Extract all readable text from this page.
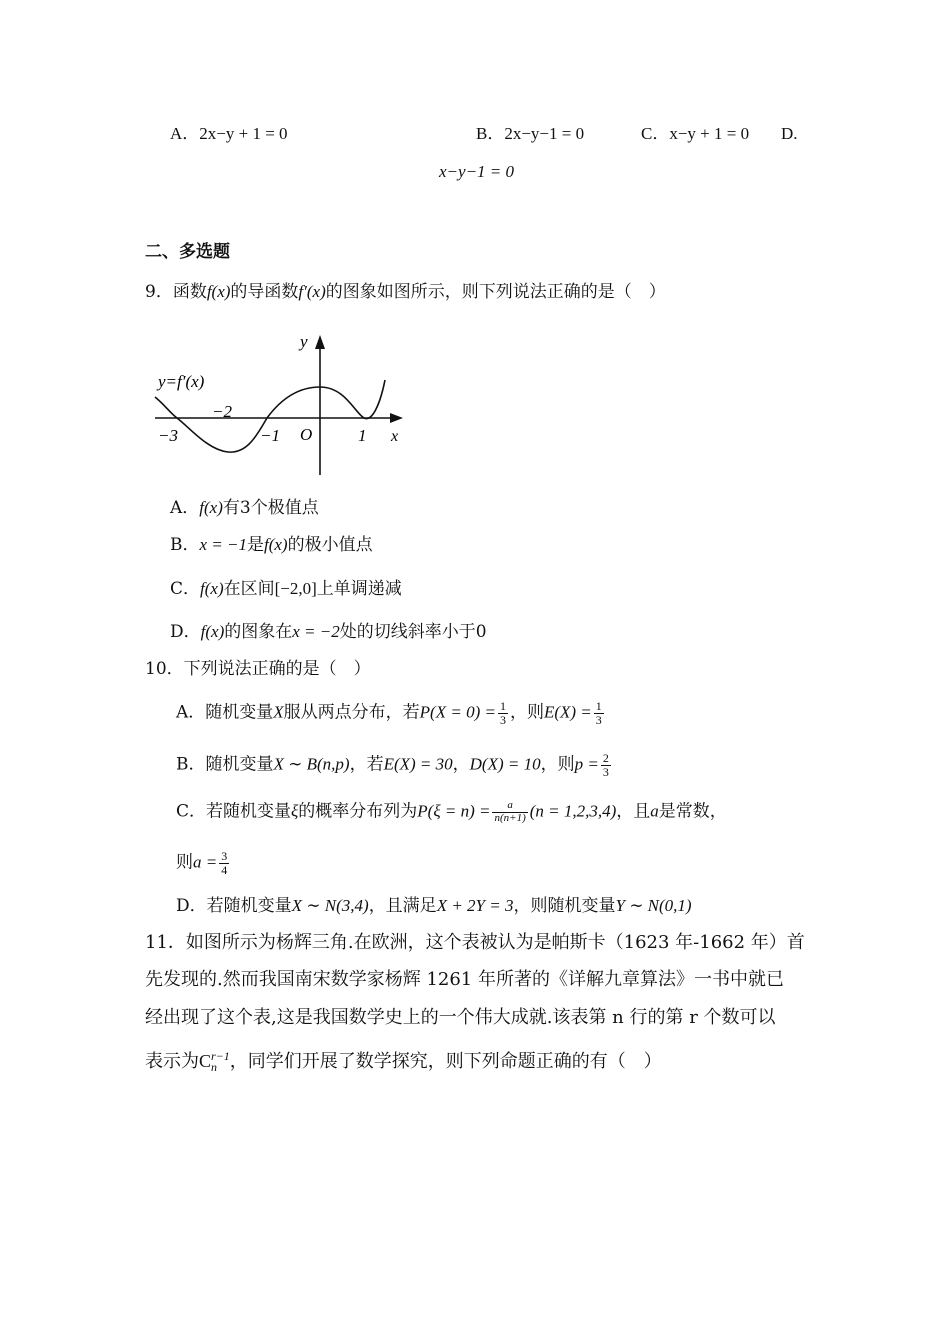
A．2x−y + 1 = 0	B．2x−y−1 = 0	C．x−y + 1 = 0 D.
x−y−1 = 0
二、多选题
9．函数f(x)的导函数f′(x)的图象如图所示，则下列说法正确的是（　）
y=f′(x)
y
x
O
−3
−2
−1	1
A．f(x)有3个极值点
B．x = −1是f(x)的极小值点
C．f(x)在区间[−2,0]上单调递减
D．f(x)的图象在x = −2处的切线斜率小于0
10．下列说法正确的是（　）
A．随机变量X服从两点分布，若$P(X = 0) = \frac{1}{3}$ ，则$E(X) = \frac{1}{3}$
B．随机变量X ∼ B(n,p)，若E(X) = 30，D(X) = 10，则$p = \frac{2}{3}$
C．若随机变量ξ的概率分布列为$P(\xi = n) = \frac{a}{n(n+1)} (n = 1,2,3,4)$，且a是常数，
则$a = \frac{3}{4}$
D．若随机变量X ∼ N(3,4)，且满足X + 2Y = 3，则随机变量Y ∼ N(0,1)
11．如图所示为杨辉三角.在欧洲，这个表被认为是帕斯卡（1623 年-1662 年）首
先发现的.然而我国南宋数学家杨辉 1261 年所著的《详解九章算法》一书中就已
经出现了这个表,这是我国数学史上的一个伟大成就.该表第 n 行的第 r 个数可以
表示为C r−1
n ，同学们开展了数学探究，则下列命题正确的有（　）
